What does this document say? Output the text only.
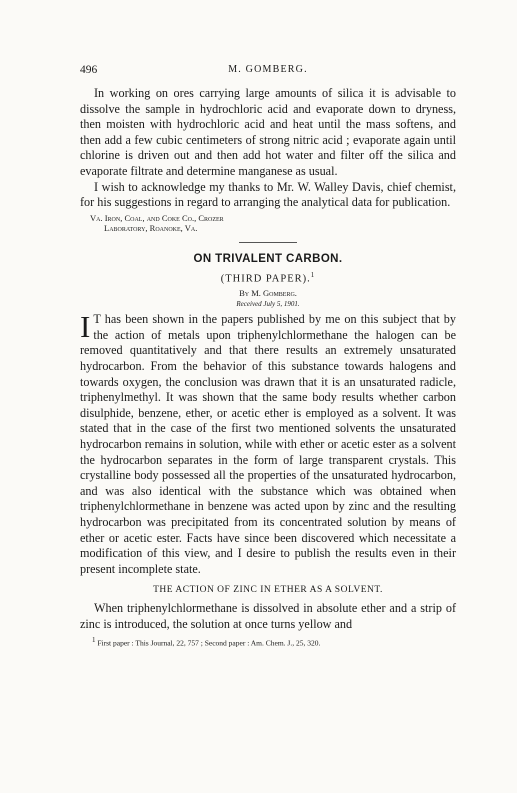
496	M. GOMBERG.

In working on ores carrying large amounts of silica it is advisable to dissolve the sample in hydrochloric acid and evaporate down to dryness, then moisten with hydrochloric acid and heat until the mass softens, and then add a few cubic centimeters of strong nitric acid ; evaporate again until chlorine is driven out and then add hot water and filter off the silica and evaporate filtrate and determine manganese as usual.

I wish to acknowledge my thanks to Mr. W. Walley Davis, chief chemist, for his suggestions in regard to arranging the analytical data for publication.

Va. Iron, Coal, and Coke Co., Crozer
Laboratory, Roanoke, Va.
ON TRIVALENT CARBON.
(THIRD PAPER).$^1$
By M. Gomberg.
Received July 5, 1901.

I T has been shown in the papers published by me on this subject that by the action of metals upon triphenylchlormethane the halogen can be removed quantitatively and that there results an extremely unsaturated hydrocarbon. From the behavior of this substance towards halogens and towards oxygen, the conclusion was drawn that it is an unsaturated radicle, triphenylmethyl. It was shown that the same body results whether carbon disulphide, benzene, ether, or acetic ether is employed as a solvent. It was stated that in the case of the first two mentioned solvents the unsaturated hydrocarbon remains in solution, while with ether or acetic ester as a solvent the hydrocarbon separates in the form of large transparent crystals. This crystalline body possessed all the properties of the unsaturated hydrocarbon, and was also identical with the substance which was obtained when triphenylchlormethane in benzene was acted upon by zinc and the resulting hydrocarbon was precipitated from its concentrated solution by means of ether or acetic ester. Facts have since been discovered which necessitate a modification of this view, and I desire to publish the results even in their present incomplete state.

THE ACTION OF ZINC IN ETHER AS A SOLVENT.

When triphenylchlormethane is dissolved in absolute ether and a strip of zinc is introduced, the solution at once turns yellow and

$^1$ First paper : This Journal, 22, 757 ; Second paper : Am. Chem. J., 25, 320.
